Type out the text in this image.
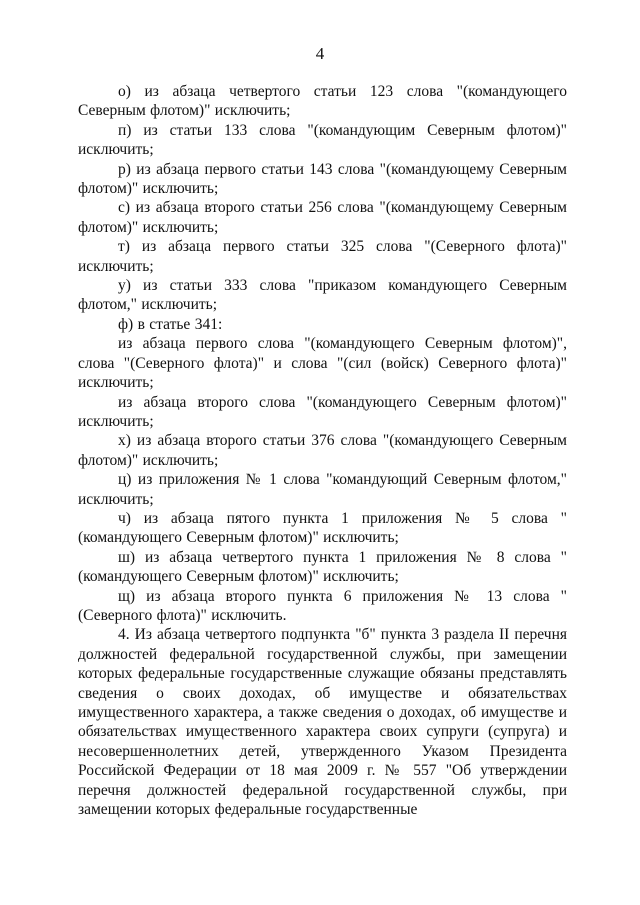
4

о) из абзаца четвертого статьи 123 слова "(командующего Северным флотом)" исключить;

п) из статьи 133 слова "(командующим Северным флотом)" исключить;

р) из абзаца первого статьи 143 слова "(командующему Северным флотом)" исключить;

с) из абзаца второго статьи 256 слова "(командующему Северным флотом)" исключить;

т) из абзаца первого статьи 325 слова "(Северного флота)" исключить;

у) из статьи 333 слова "приказом командующего Северным флотом," исключить;

ф) в статье 341:

из абзаца первого слова "(командующего Северным флотом)", слова "(Северного флота)" и слова "(сил (войск) Северного флота)" исключить;

из абзаца второго слова "(командующего Северным флотом)" исключить;

х) из абзаца второго статьи 376 слова "(командующего Северным флотом)" исключить;

ц) из приложения № 1 слова "командующий Северным флотом," исключить;

ч) из абзаца пятого пункта 1 приложения № 5 слова "(командующего Северным флотом)" исключить;

ш) из абзаца четвертого пункта 1 приложения № 8 слова "(командующего Северным флотом)" исключить;

щ) из абзаца второго пункта 6 приложения № 13 слова "(Северного флота)" исключить.

4. Из абзаца четвертого подпункта "б" пункта 3 раздела II перечня должностей федеральной государственной службы, при замещении которых федеральные государственные служащие обязаны представлять сведения о своих доходах, об имуществе и обязательствах имущественного характера, а также сведения о доходах, об имуществе и обязательствах имущественного характера своих супруги (супруга) и несовершеннолетних детей, утвержденного Указом Президента Российской Федерации от 18 мая 2009 г. № 557 "Об утверждении перечня должностей федеральной государственной службы, при замещении которых федеральные государственные
